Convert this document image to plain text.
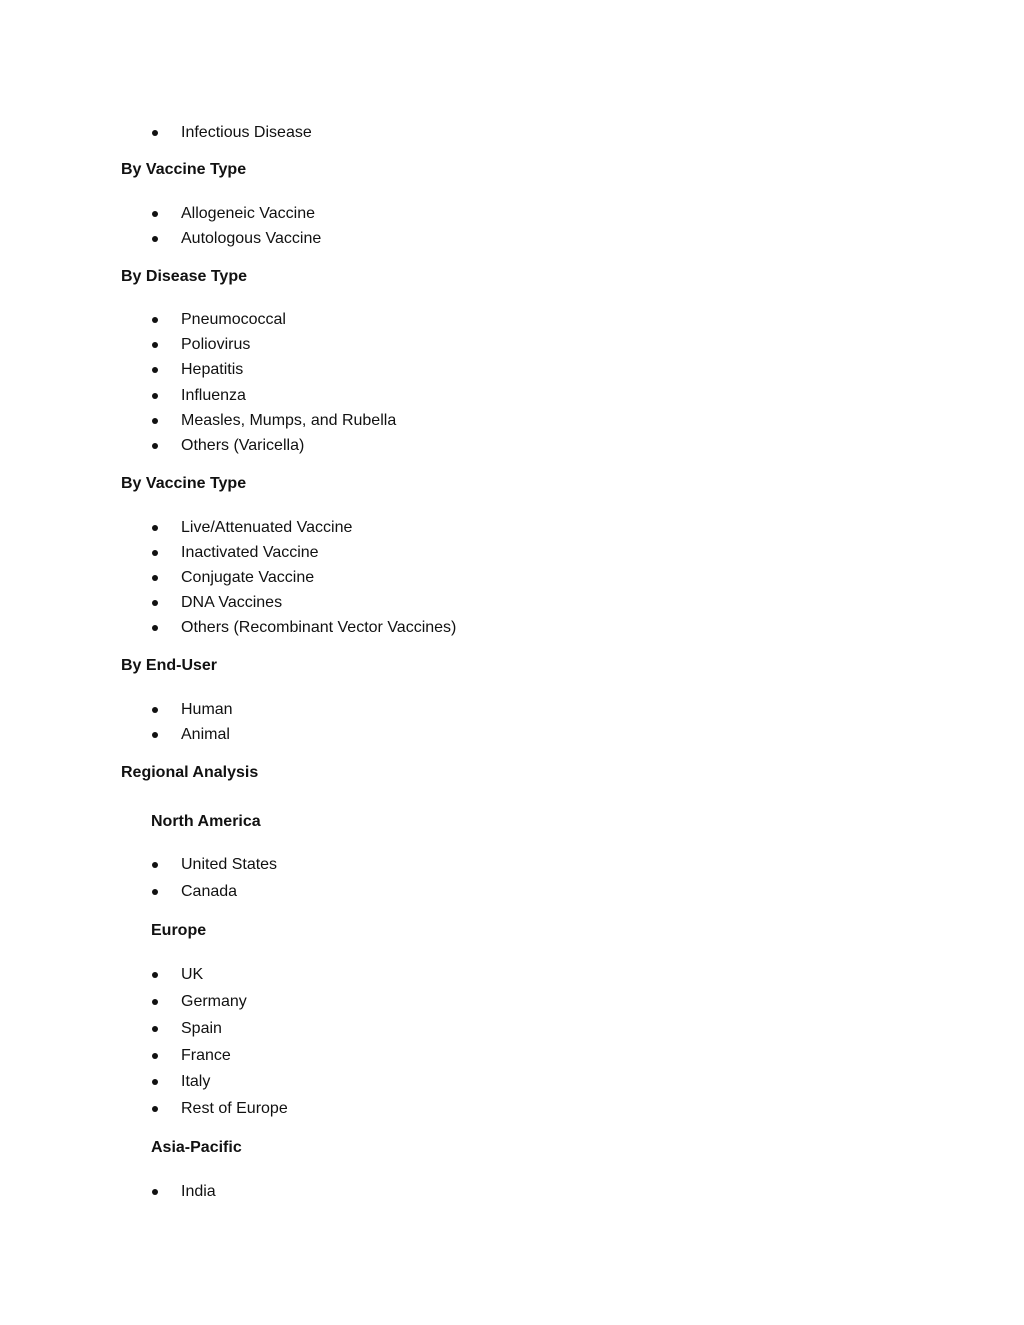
Infectious Disease
By Vaccine Type
Allogeneic Vaccine
Autologous Vaccine
By Disease Type
Pneumococcal
Poliovirus
Hepatitis
Influenza
Measles, Mumps, and Rubella
Others (Varicella)
By Vaccine Type
Live/Attenuated Vaccine
Inactivated Vaccine
Conjugate Vaccine
DNA Vaccines
Others (Recombinant Vector Vaccines)
By End-User
Human
Animal
Regional Analysis
North America
United States
Canada
Europe
UK
Germany
Spain
France
Italy
Rest of Europe
Asia-Pacific
India
